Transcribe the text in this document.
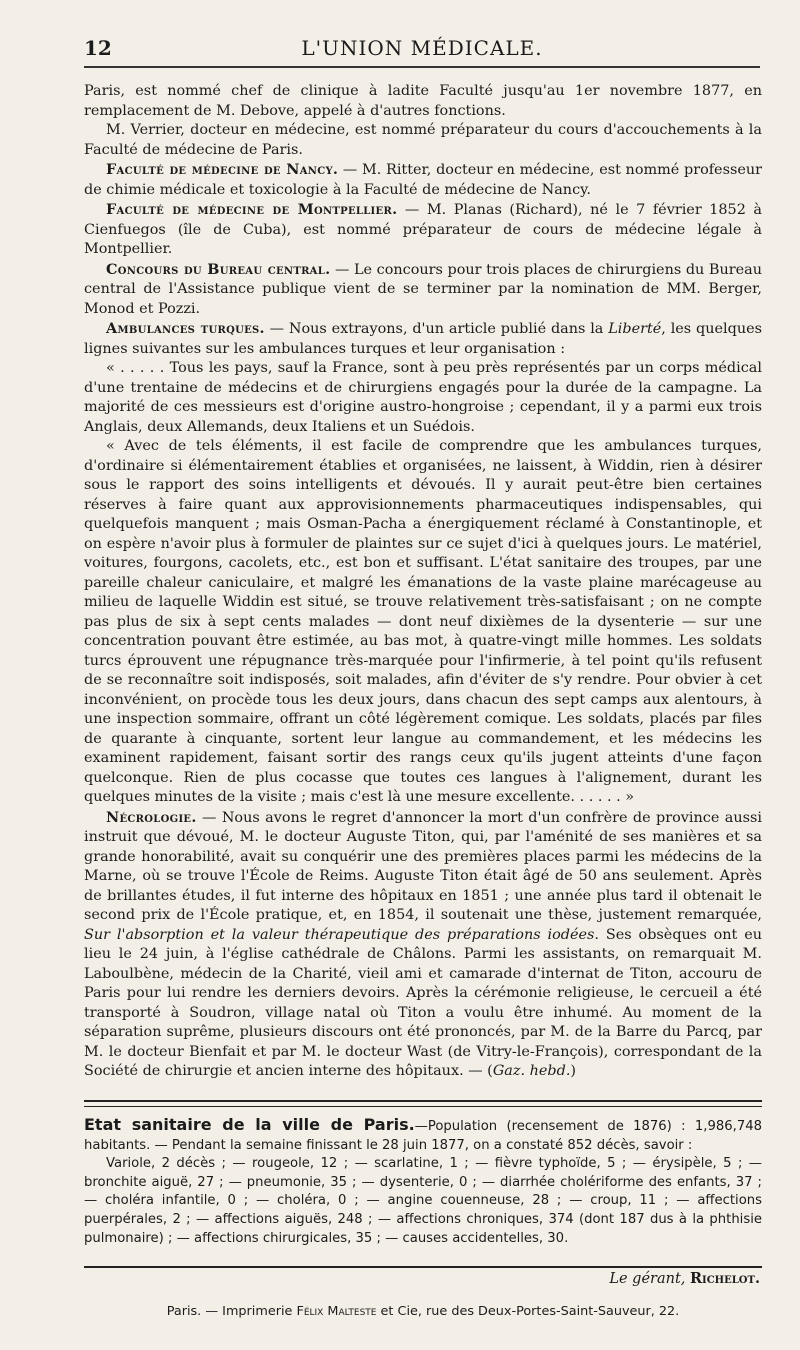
12	L'UNION MÉDICALE.

Paris, est nommé chef de clinique à ladite Faculté jusqu'au 1er novembre 1877, en remplacement de M. Debove, appelé à d'autres fonctions.

M. Verrier, docteur en médecine, est nommé préparateur du cours d'accouchements à la Faculté de médecine de Paris.

Faculté de médecine de Nancy. — M. Ritter, docteur en médecine, est nommé professeur de chimie médicale et toxicologie à la Faculté de médecine de Nancy.

Faculté de médecine de Montpellier. — M. Planas (Richard), né le 7 février 1852 à Cienfuegos (île de Cuba), est nommé préparateur de cours de médecine légale à Montpellier.

Concours du Bureau central. — Le concours pour trois places de chirurgiens du Bureau central de l'Assistance publique vient de se terminer par la nomination de MM. Berger, Monod et Pozzi.

Ambulances turques. — Nous extrayons, d'un article publié dans la Liberté, les quelques lignes suivantes sur les ambulances turques et leur organisation :

« . . . . . Tous les pays, sauf la France, sont à peu près représentés par un corps médical d'une trentaine de médecins et de chirurgiens engagés pour la durée de la campagne. La majorité de ces messieurs est d'origine austro-hongroise ; cependant, il y a parmi eux trois Anglais, deux Allemands, deux Italiens et un Suédois.

« Avec de tels éléments, il est facile de comprendre que les ambulances turques, d'ordinaire si élémentairement établies et organisées, ne laissent, à Widdin, rien à désirer sous le rapport des soins intelligents et dévoués. Il y aurait peut-être bien certaines réserves à faire quant aux approvisionnements pharmaceutiques indispensables, qui quelquefois manquent ; mais Osman-Pacha a énergiquement réclamé à Constantinople, et on espère n'avoir plus à formuler de plaintes sur ce sujet d'ici à quelques jours. Le matériel, voitures, fourgons, cacolets, etc., est bon et suffisant. L'état sanitaire des troupes, par une pareille chaleur caniculaire, et malgré les émanations de la vaste plaine marécageuse au milieu de laquelle Widdin est situé, se trouve relativement très-satisfaisant ; on ne compte pas plus de six à sept cents malades — dont neuf dixièmes de la dysenterie — sur une concentration pouvant être estimée, au bas mot, à quatre-vingt mille hommes. Les soldats turcs éprouvent une répugnance très-marquée pour l'infirmerie, à tel point qu'ils refusent de se reconnaître soit indisposés, soit malades, afin d'éviter de s'y rendre. Pour obvier à cet inconvénient, on procède tous les deux jours, dans chacun des sept camps aux alentours, à une inspection sommaire, offrant un côté légèrement comique. Les soldats, placés par files de quarante à cinquante, sortent leur langue au commandement, et les médecins les examinent rapidement, faisant sortir des rangs ceux qu'ils jugent atteints d'une façon quelconque. Rien de plus cocasse que toutes ces langues à l'alignement, durant les quelques minutes de la visite ; mais c'est là une mesure excellente. . . . . . »

Nécrologie. — Nous avons le regret d'annoncer la mort d'un confrère de province aussi instruit que dévoué, M. le docteur Auguste Titon, qui, par l'aménité de ses manières et sa grande honorabilité, avait su conquérir une des premières places parmi les médecins de la Marne, où se trouve l'École de Reims. Auguste Titon était âgé de 50 ans seulement. Après de brillantes études, il fut interne des hôpitaux en 1851 ; une année plus tard il obtenait le second prix de l'École pratique, et, en 1854, il soutenait une thèse, justement remarquée, Sur l'absorption et la valeur thérapeutique des préparations iodées. Ses obsèques ont eu lieu le 24 juin, à l'église cathédrale de Châlons. Parmi les assistants, on remarquait M. Laboulbène, médecin de la Charité, vieil ami et camarade d'internat de Titon, accouru de Paris pour lui rendre les derniers devoirs. Après la cérémonie religieuse, le cercueil a été transporté à Soudron, village natal où Titon a voulu être inhumé. Au moment de la séparation suprême, plusieurs discours ont été prononcés, par M. de la Barre du Parcq, par M. le docteur Bienfait et par M. le docteur Wast (de Vitry-le-François), correspondant de la Société de chirurgie et ancien interne des hôpitaux. — (Gaz. hebd.)

Etat sanitaire de la ville de Paris.—Population (recensement de 1876) : 1,986,748 habitants. — Pendant la semaine finissant le 28 juin 1877, on a constaté 852 décès, savoir :

Variole, 2 décès ; — rougeole, 12 ; — scarlatine, 1 ; — fièvre typhoïde, 5 ; — érysipèle, 5 ; — bronchite aiguë, 27 ; — pneumonie, 35 ; — dysenterie, 0 ; — diarrhée cholériforme des enfants, 37 ; — choléra infantile, 0 ; — choléra, 0 ; — angine couenneuse, 28 ; — croup, 11 ; — affections puerpérales, 2 ; — affections aiguës, 248 ; — affections chroniques, 374 (dont 187 dus à la phthisie pulmonaire) ; — affections chirurgicales, 35 ; — causes accidentelles, 30.

Le gérant, Richelot.
Paris. — Imprimerie Félix Malteste et Cie, rue des Deux-Portes-Saint-Sauveur, 22.
